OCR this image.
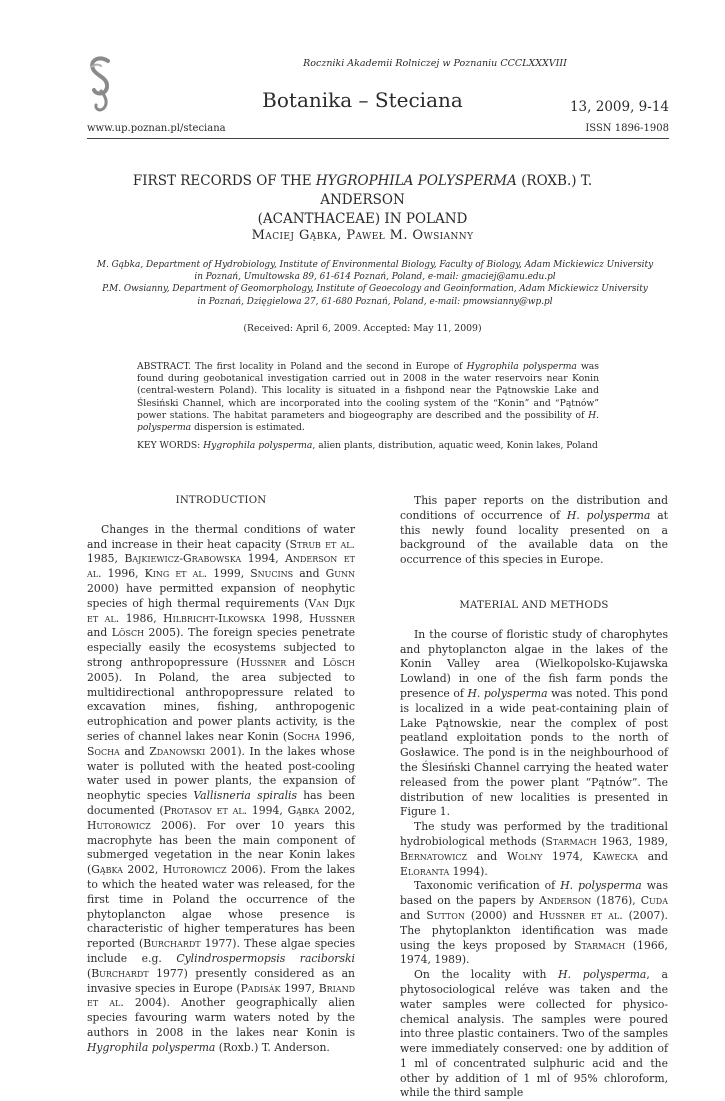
Roczniki Akademii Rolniczej w Poznaniu CCCLXXXVIII
Botanika – Steciana	13, 2009, 9-14
www.up.poznan.pl/steciana	ISSN 1896-1908
FIRST RECORDS OF THE HYGROPHILA POLYSPERMA (ROXB.) T. ANDERSON
(ACANTHACEAE) IN POLAND
Maciej Gąbka, Paweł M. Owsianny
M. Gąbka, Department of Hydrobiology, Institute of Environmental Biology, Faculty of Biology, Adam Mickiewicz University
in Poznań, Umultowska 89, 61-614 Poznań, Poland, e-mail: gmaciej@amu.edu.pl
P.M. Owsianny, Department of Geomorphology, Institute of Geoecology and Geoinformation, Adam Mickiewicz University
in Poznań, Dzięgielowa 27, 61-680 Poznań, Poland, e-mail: pmowsianny@wp.pl
(Received: April 6, 2009. Accepted: May 11, 2009)
ABSTRACT. The first locality in Poland and the second in Europe of Hygrophila polysperma was found during geobotanical investigation carried out in 2008 in the water reservoirs near Konin (central-western Poland). This locality is situated in a fishpond near the Pątnowskie Lake and Ślesiński Channel, which are incorporated into the cooling system of the “Konin” and “Pątnów” power stations. The habitat parameters and biogeography are described and the possibility of H. polysperma dispersion is estimated.
KEY WORDS: Hygrophila polysperma, alien plants, distribution, aquatic weed, Konin lakes, Poland
INTRODUCTION

Changes in the thermal conditions of water and increase in their heat capacity (Strub et al. 1985, Bajkiewicz-Grabowska 1994, Anderson et al. 1996, King et al. 1999, Snucins and Gunn 2000) have permitted expansion of neophytic species of high thermal requirements (Van Dijk et al. 1986, Hilbricht-Ilkowska 1998, Hussner and Lösch 2005). The foreign species penetrate especially easily the ecosystems subjected to strong anthropopressure (Hussner and Lösch 2005). In Poland, the area subjected to multidirectional anthropopressure related to excavation mines, fishing, anthropogenic eutrophication and power plants activity, is the series of channel lakes near Konin (Socha 1996, Socha and Zdanowski 2001). In the lakes whose water is polluted with the heated post-cooling water used in power plants, the expansion of neophytic species Vallisneria spiralis has been documented (Protasov et al. 1994, Gąbka 2002, Hutorowicz 2006). For over 10 years this macrophyte has been the main component of submerged vegetation in the near Konin lakes (Gąbka 2002, Hutorowicz 2006). From the lakes to which the heated water was released, for the first time in Poland the occurrence of the phytoplancton algae whose presence is characteristic of higher temperatures has been reported (Burchardt 1977). These algae species include e.g. Cylindrospermopsis raciborski (Burchardt 1977) presently considered as an invasive species in Europe (Padisák 1997, Briand et al. 2004). Another geographically alien species favouring warm waters noted by the authors in 2008 in the lakes near Konin is Hygrophila polysperma (Roxb.) T. Anderson.

This paper reports on the distribution and conditions of occurrence of H. polysperma at this newly found locality presented on a background of the available data on the occurrence of this species in Europe.

MATERIAL AND METHODS

In the course of floristic study of charophytes and phytoplancton algae in the lakes of the Konin Valley area (Wielkopolsko-Kujawska Lowland) in one of the fish farm ponds the presence of H. polysperma was noted. This pond is localized in a wide peat-containing plain of Lake Pątnowskie, near the complex of post peatland exploitation ponds to the north of Gosławice. The pond is in the neighbourhood of the Ślesiński Channel carrying the heated water released from the power plant “Pątnów”. The distribution of new localities is presented in Figure 1.

The study was performed by the traditional hydrobiological methods (Starmach 1963, 1989, Bernatowicz and Wolny 1974, Kawecka and Eloranta 1994).

Taxonomic verification of H. polysperma was based on the papers by Anderson (1876), Cuda and Sutton (2000) and Hussner et al. (2007). The phytoplankton identification was made using the keys proposed by Starmach (1966, 1974, 1989).

On the locality with H. polysperma, a phytosociological reléve was taken and the water samples were collected for physico-chemical analysis. The samples were poured into three plastic containers. Two of the samples were immediately conserved: one by addition of 1 ml of concentrated sulphuric acid and the other by addition of 1 ml of 95% chloroform, while the third sample
